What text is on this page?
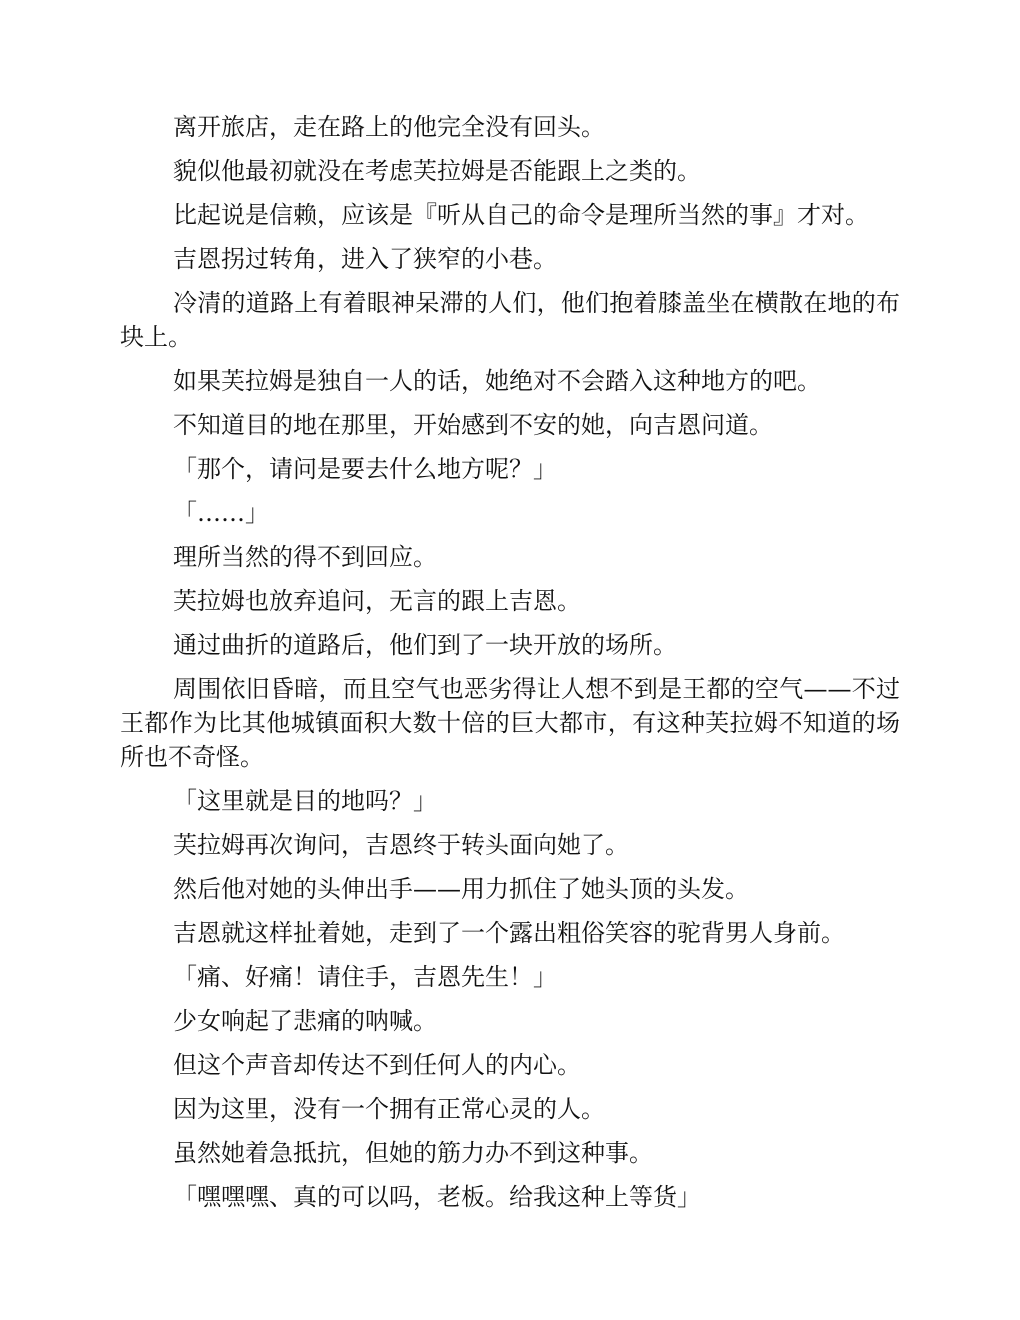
离开旅店，走在路上的他完全没有回头。

貌似他最初就没在考虑芙拉姆是否能跟上之类的。

比起说是信赖，应该是『听从自己的命令是理所当然的事』才对。

吉恩拐过转角，进入了狭窄的小巷。

冷清的道路上有着眼神呆滞的人们，他们抱着膝盖坐在横散在地的布块上。

如果芙拉姆是独自一人的话，她绝对不会踏入这种地方的吧。

不知道目的地在那里，开始感到不安的她，向吉恩问道。

「那个，请问是要去什么地方呢？」

「……」

理所当然的得不到回应。

芙拉姆也放弃追问，无言的跟上吉恩。

通过曲折的道路后，他们到了一块开放的场所。

周围依旧昏暗，而且空气也恶劣得让人想不到是王都的空气——不过王都作为比其他城镇面积大数十倍的巨大都市，有这种芙拉姆不知道的场所也不奇怪。

「这里就是目的地吗？」

芙拉姆再次询问，吉恩终于转头面向她了。

然后他对她的头伸出手——用力抓住了她头顶的头发。

吉恩就这样扯着她，走到了一个露出粗俗笑容的驼背男人身前。

「痛、好痛！请住手，吉恩先生！」

少女响起了悲痛的呐喊。

但这个声音却传达不到任何人的内心。

因为这里，没有一个拥有正常心灵的人。

虽然她着急抵抗，但她的筋力办不到这种事。

「嘿嘿嘿、真的可以吗，老板。给我这种上等货」
